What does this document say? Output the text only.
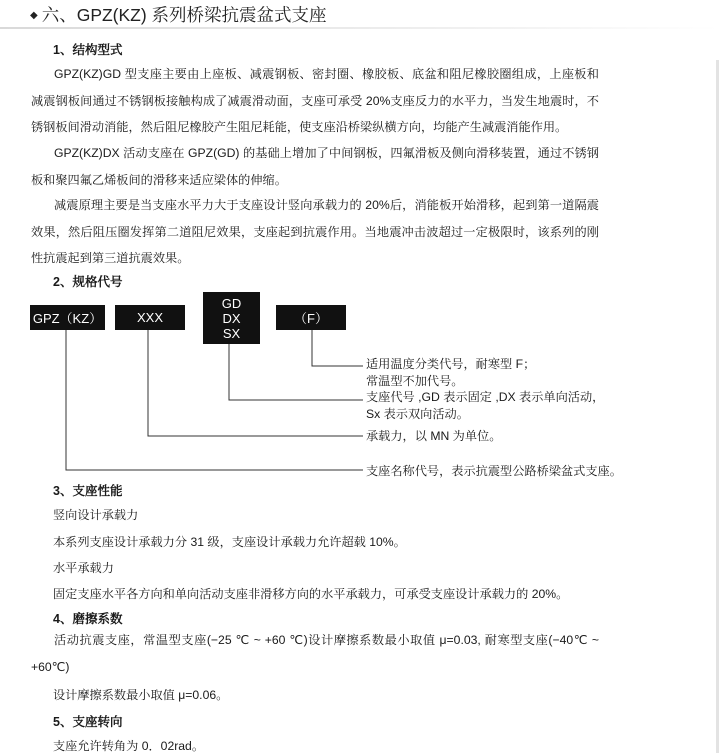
◆ 六、GPZ(KZ) 系列桥梁抗震盆式支座
1、结构型式

GPZ(KZ)GD 型支座主要由上座板、减震钢板、密封圈、橡胶板、底盆和阻尼橡胶圈组成，上座板和减震钢板间通过不锈钢板接触构成了减震滑动面，支座可承受 20%支座反力的水平力，当发生地震时，不锈钢板间滑动消能，然后阻尼橡胶产生阻尼耗能，使支座沿桥梁纵横方向，均能产生减震消能作用。

GPZ(KZ)DX 活动支座在 GPZ(GD) 的基础上增加了中间钢板，四氟滑板及侧向滑移装置，通过不锈钢板和聚四氟乙烯板间的滑移来适应梁体的伸缩。

减震原理主要是当支座水平力大于支座设计竖向承载力的 20%后，消能板开始滑移，起到第一道隔震效果，然后阻压圈发挥第二道阻尼效果，支座起到抗震作用。当地震冲击波超过一定极限时，该系列的刚性抗震起到第三道抗震效果。

2、规格代号
GPZ（KZ）	XXX
GD
DX
SX
（F）
适用温度分类代号，耐寒型 F；
常温型不加代号。
支座代号 ,GD 表示固定 ,DX 表示单向活动，
Sx 表示双向活动。
承载力，以 MN 为单位。
支座名称代号，表示抗震型公路桥梁盆式支座。
3、支座性能
竖向设计承载力
本系列支座设计承载力分 31 级，支座设计承载力允许超载 10%。
水平承载力
固定支座水平各方向和单向活动支座非滑移方向的水平承载力，可承受支座设计承载力的 20%。
4、磨擦系数

活动抗震支座，常温型支座(−25 ℃ ~ +60 ℃)设计摩擦系数最小取值 μ=0.03, 耐寒型支座(−40℃ ~ +60℃)

设计摩擦系数最小取值 μ=0.06。
5、支座转向
支座允许转角为 0．02rad。
